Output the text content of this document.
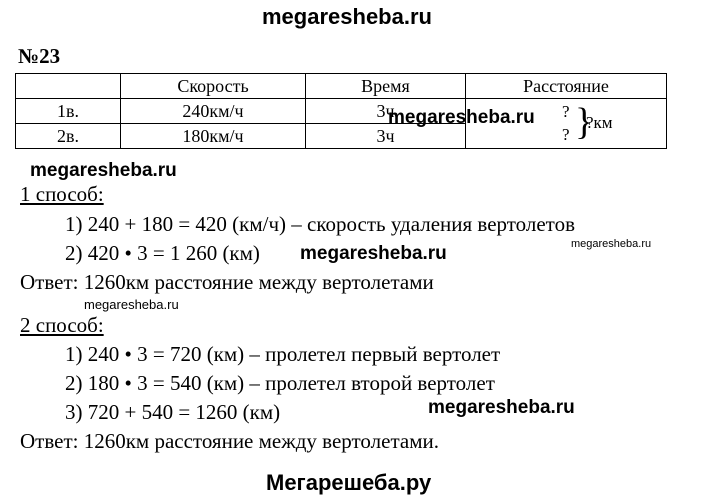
megaresheba.ru
№23
	Скорость	Время	Расстояние
1в.	240км/ч	3ч	?
? }
?км

2в.	180км/ч	3ч	
megaresheba.ru
megaresheba.ru
1 способ:
1) 240 + 180 = 420 (км/ч) – скорость удаления вертолетов
2) 420 • 3 = 1 260 (км) megaresheba.ru	megaresheba.ru
Ответ: 1260км расстояние между вертолетами
megaresheba.ru
2 способ:
1) 240 • 3 = 720 (км) – пролетел первый вертолет
2) 180 • 3 = 540 (км) – пролетел второй вертолет
3) 720 + 540 = 1260 (км)	megaresheba.ru
Ответ: 1260км расстояние между вертолетами.
Мегарешеба.ру
